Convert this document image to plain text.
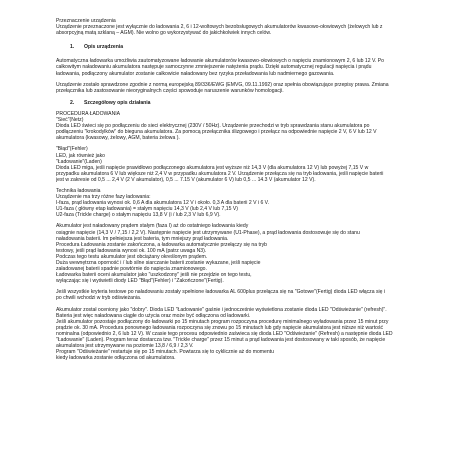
Przeznaczenie urządzenia
Urządzenie przeznaczone jest wyłącznie do ładowania 2, 6 i 12-woltowych bezobsługowych akumulatorów kwasowo-ołowiowych (żelowych lub z
absorpcyjną matą szklaną – AGM). Nie wolno go wykorzystywać do jakichkolwiek innych celów.
1. Opis urządzenia
Automatyczna ładowarka umożliwia zautomatyzowane ładowanie akumulatorów kwasowo-ołowiowych o napięciu znamionowym 2, 6 lub 12 V. Po
całkowitym naładowaniu akumulatora następuje samoczynne zmniejszenie natężenia prądu. Dzięki automatycznej regulacji napięcia i prądu
ładowania, podłączony akumulator zostanie całkowicie naładowany bez ryzyka przeładowania lub nadmiernego gazowania.
Urządzenie zostało sprawdzone zgodnie z normą europejską 89/336/EWG (EMVG, 09.11.1992) oraz spełnia obowiązujące przepisy prawa. Zmiana
przełącznika lub zastosowanie nieoryginalnych części spowoduje naruszenie warunków homologacji.
2. Szczegółowy opis działania
PROCEDURA ŁADOWANIA
"Sieć"(Netz)
Dioda LED świeci się po podłączeniu do sieci elektrycznej (230V / 50Hz). Urządzenie przechodzi w tryb sprawdzania stanu akumulatora po
podłączeniu "krokodylków" do bieguna akumulatora. Za pomocą przełącznika ślizgowego i przełącz na odpowiednie napięcie 2 V, 6 V lub 12 V
akumulatora (kwasowy, żelowy, AGM, bateria żelowa ).
"Błąd"(Fehler)
LED, jak również jako
"Ładowanie"(Laden)
Dioda LED miga, jeśli napięcie prawidłowo podłączonego akumulatora jest wyższe niż 14,3 V (dla akumulatora 12 V) lub powyżej 7,15 V w
przypadku akumulatora 6 V lub większe niż 2,4 V w przypadku akumulatora 2 V. Urządzenie przełącza się na tryb ładowania, jeśli napięcie baterii
jest w zakresie od 0,5 ... 2,4 V (2 V akumulator), 0,5 ... 7.15 V (akumulator 6 V) lub 0,5 ... 14.3 V (akumulator 12 V).
Technika ładowania
Urządzenie ma trzy różne fazy ładowania:
I-faza, prąd ładowania wynosi ok. 0,6 A dla akumulatora 12 V i około. 0,3 A dla baterii 2 V i 6 V.
U1-faza ( główny etap ładowania) = stałym napięciu 14,3 V (lub 2,4 V lub 7,15 V)
U2-faza (Trickle charge) o stałym napięciu 13,8 V (i / lub 2,3 V lub 6,9 V).
Akumulator jest naładowany prądem stałym (faza I) aż do ostatniego ładowania kiedy
osiągnie napięcie (14,3 V / 7,15 / 2,2 V). Następnie napięcie jest utrzymywane (U1-Phase), a prąd ładowania dostosowuje się do stanu
naładowania baterii. Im pełniejsza jest bateria, tym mniejszy prąd ładowania.
Procedura Ładowania zostanie zakończona, a ładowarka automatycznie przełączy się na tryb
testowy, jeśli prąd ładowania wynosi ok. 100 mA (patrz uwaga N3).
Podczas tego testu akumulator jest obciążany określonym prądem.
Duża wewnętrzna oporność i / lub silne siarczanie baterii zostanie wykazane, jeśli napięcie
załadowanej baterii spadnie powtórnie do napięcia znamionowego.
Ładowarka baterii oceni akumulator jako "uszkodzony" jeśli nie przejdzie on tego testu,
wyłączając się i wyświetli diody LED "Błąd"(Fehler) i "Zakończone"(Fertig).
Jeśli wszystkie kryteria testowe po naładowaniu zostały spełnione ładowarka AL 600plus przełącza się na "Gotowe"(Fertig) dioda LED włącza się i
po chwili wchodzi w tryb odświeżania.
Akumulator został oceniony jako "dobry". Dioda LED "Ładowanie" gaśnie i jednocześnie wyświetlona zostanie dioda LED "Odświeżanie" (refresh)".
Bateria jest więc naładowana ciągłe do użycia oraz może być odłączona od ładowarki.
Jeśli akumulator pozostaje podłączony do ładowarki po 15 minutach program rozpoczyna procedurę minimalnego wyładowania przez 15 minut przy
prądzie ok. 30 mA. Procedura ponownego ładowania rozpoczyna się znowu po 15 minutach lub gdy napięcie akumulatora jest niższe niż wartość
nominalna (odpowiednio 2, 6 lub 12 V). W czasie tego procesu odpowiednio zaświeca się dioda LED "Odświeżanie" (Refresh) a następnie dioda LED
"Ładowanie" (Laden). Program teraz dostarcza tzw. "Trickle charge" przez 15 minut a prąd ładowania jest dostosowany w taki sposób, że napięcie
akumulatora jest utrzymywane na poziomie 13,8 / 6,9 / 2,3 V.
Program "Odświeżanie" restartuje się po 15 minutach. Powtarza się to cyklicznie aż do momentu
kiedy ładowarka zostanie odłączona od akumulatora.
